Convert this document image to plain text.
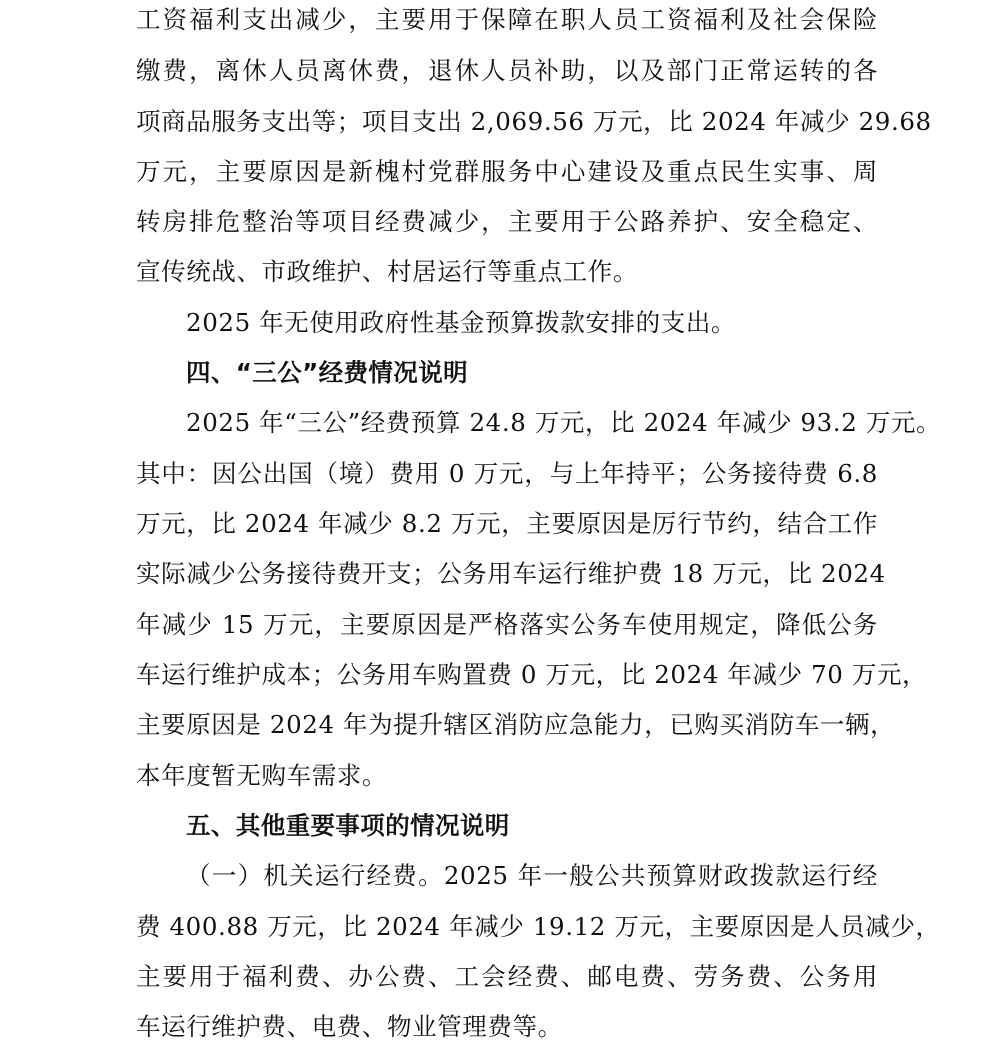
工资福利支出减少，主要用于保障在职人员工资福利及社会保险
缴费，离休人员离休费，退休人员补助，以及部门正常运转的各
项商品服务支出等；项目支出 2,069.56 万元，比 2024 年减少 29.68
万元，主要原因是新槐村党群服务中心建设及重点民生实事、周
转房排危整治等项目经费减少，主要用于公路养护、安全稳定、
宣传统战、市政维护、村居运行等重点工作。
2025 年无使用政府性基金预算拨款安排的支出。
四、“三公”经费情况说明
2025 年“三公”经费预算 24.8 万元，比 2024 年减少 93.2 万元。
其中：因公出国（境）费用 0 万元，与上年持平；公务接待费 6.8
万元，比 2024 年减少 8.2 万元，主要原因是厉行节约，结合工作
实际减少公务接待费开支；公务用车运行维护费 18 万元，比 2024
年减少 15 万元，主要原因是严格落实公务车使用规定，降低公务
车运行维护成本；公务用车购置费 0 万元，比 2024 年减少 70 万元，
主要原因是 2024 年为提升辖区消防应急能力，已购买消防车一辆，
本年度暂无购车需求。
五、其他重要事项的情况说明
（一）机关运行经费。2025 年一般公共预算财政拨款运行经
费 400.88 万元，比 2024 年减少 19.12 万元，主要原因是人员减少，
主要用于福利费、办公费、工会经费、邮电费、劳务费、公务用
车运行维护费、电费、物业管理费等。
